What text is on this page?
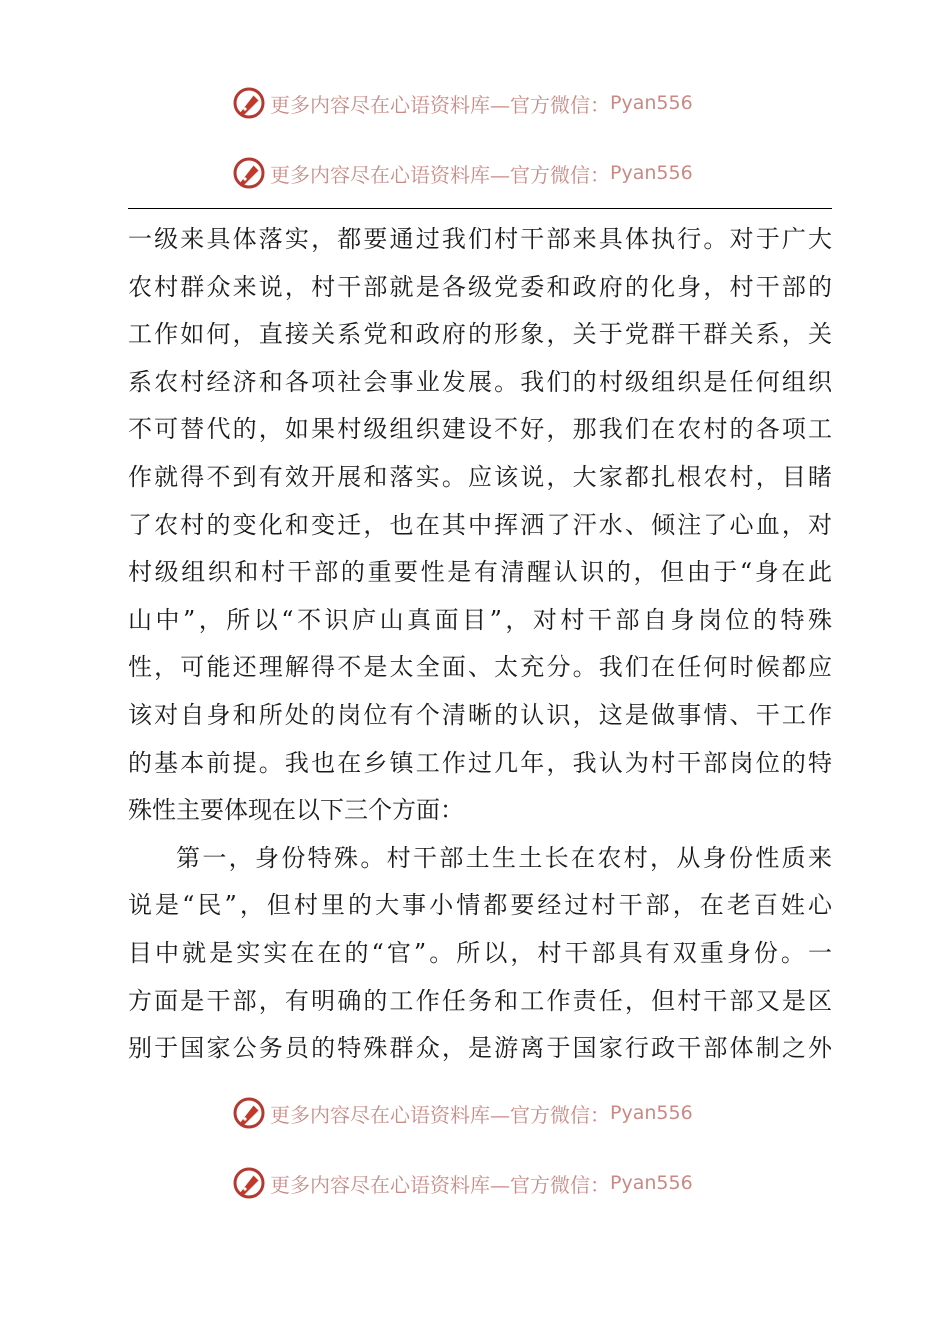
更多内容尽在心语资料库—官方微信： Pyan556
更多内容尽在心语资料库—官方微信： Pyan556
一级来具体落实，都要通过我们村干部来具体执行。对于广大
农村群众来说，村干部就是各级党委和政府的化身，村干部的
工作如何，直接关系党和政府的形象，关于党群干群关系，关
系农村经济和各项社会事业发展。我们的村级组织是任何组织
不可替代的，如果村级组织建设不好，那我们在农村的各项工
作就得不到有效开展和落实。应该说，大家都扎根农村，目睹
了农村的变化和变迁，也在其中挥洒了汗水、倾注了心血，对
村级组织和村干部的重要性是有清醒认识的，但由于“身在此
山中”，所以“不识庐山真面目”，对村干部自身岗位的特殊
性，可能还理解得不是太全面、太充分。我们在任何时候都应
该对自身和所处的岗位有个清晰的认识，这是做事情、干工作
的基本前提。我也在乡镇工作过几年，我认为村干部岗位的特
殊性主要体现在以下三个方面：
第一，身份特殊。村干部土生土长在农村，从身份性质来
说是“民”，但村里的大事小情都要经过村干部，在老百姓心
目中就是实实在在的“官”。所以，村干部具有双重身份。一
方面是干部，有明确的工作任务和工作责任，但村干部又是区
别于国家公务员的特殊群众，是游离于国家行政干部体制之外
更多内容尽在心语资料库—官方微信： Pyan556
更多内容尽在心语资料库—官方微信： Pyan556
